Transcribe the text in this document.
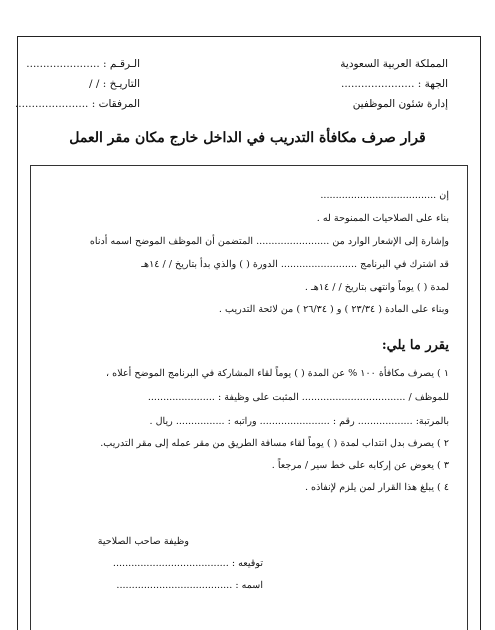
المملكة العربية السعودية
الجهة : ......................
إدارة شئون الموظفين
الـرقـم : ......................
التاريـخ : / /
المرفقات : ......................
قرار صرف مكافأة التدريب في الداخل خارج مكان مقر العمل
إن ......................................
بناء على الصلاحيات الممنوحة له .
وإشارة إلى الإشعار الوارد من ........................ المتضمن أن الموظف الموضح اسمه أدناه
قد اشترك في البرنامج ......................... الدورة ( ) والذي بدأ بتاريخ / / ١٤هـ
لمدة ( ) يوماً وانتهى بتاريخ / / ١٤هـ .
وبناء على المادة ( ٢٣/٣٤ ) و ( ٢٦/٣٤ ) من لائحة التدريب .
يقرر ما يلي:
١ ) يصرف مكافأة ١٠٠ % عن المدة ( ) يوماً لقاء المشاركة في البرنامج الموضح أعلاه ،
للموظف / .................................. المثبت على وظيفة : ......................
بالمرتبة: .................. رقم : ....................... وراتبه : ................ ريال .
٢ ) يصرف بدل انتداب لمدة ( ) يوماً لقاء مسافة الطريق من مقر عمله إلى مقر التدريب.
٣ ) يعوض عن إركابه على خط سير / مرجعاً .
٤ ) يبلغ هذا القرار لمن يلزم لإنفاذه .
وظيفة صاحب الصلاحية
توقيعه : ......................................
اسمه : ......................................
